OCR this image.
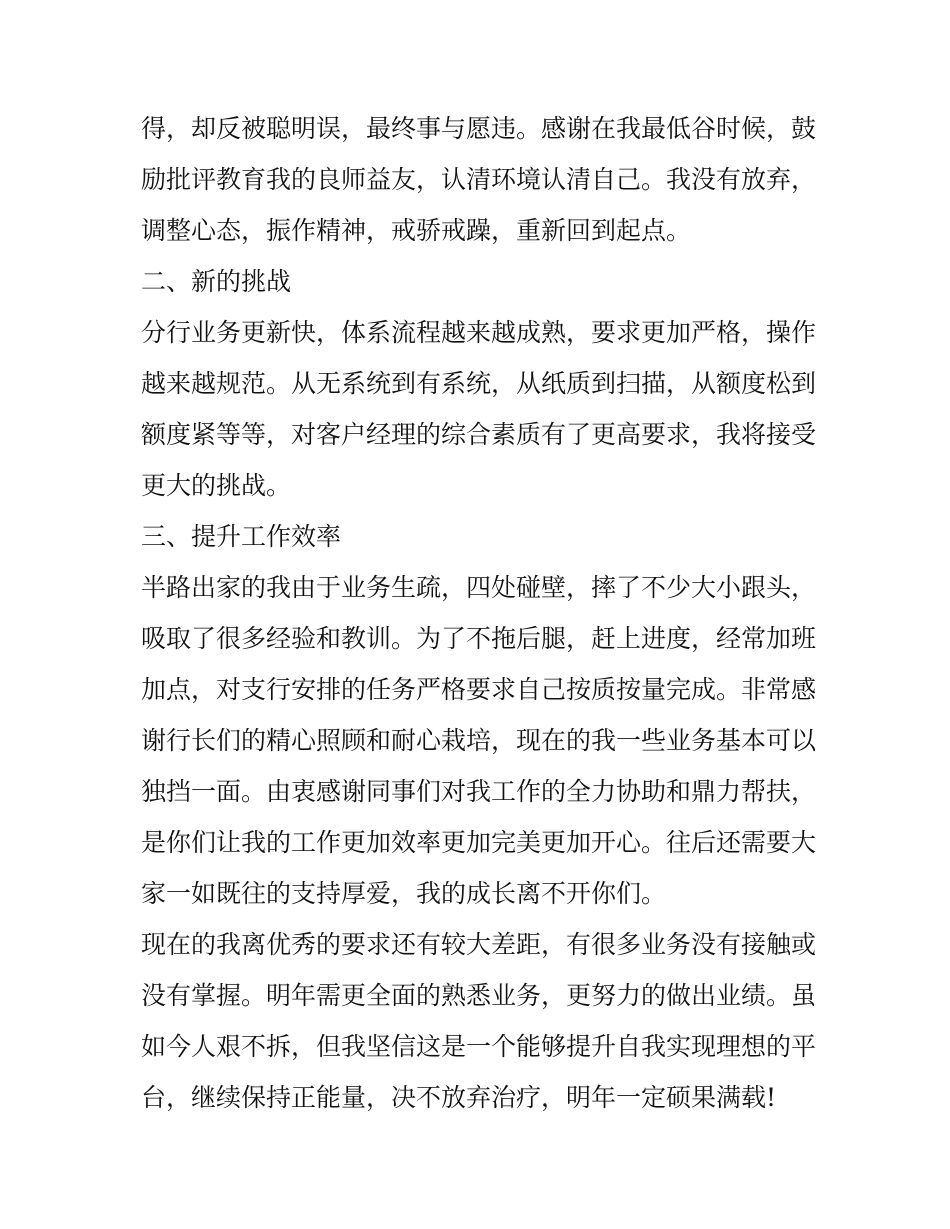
得，却反被聪明误，最终事与愿违。感谢在我最低谷时候，鼓
励批评教育我的良师益友，认清环境认清自己。我没有放弃，
调整心态，振作精神，戒骄戒躁，重新回到起点。
二、新的挑战
分行业务更新快，体系流程越来越成熟，要求更加严格，操作
越来越规范。从无系统到有系统，从纸质到扫描，从额度松到
额度紧等等，对客户经理的综合素质有了更高要求，我将接受
更大的挑战。
三、提升工作效率
半路出家的我由于业务生疏，四处碰壁，摔了不少大小跟头，
吸取了很多经验和教训。为了不拖后腿，赶上进度，经常加班
加点，对支行安排的任务严格要求自己按质按量完成。非常感
谢行长们的精心照顾和耐心栽培，现在的我一些业务基本可以
独挡一面。由衷感谢同事们对我工作的全力协助和鼎力帮扶，
是你们让我的工作更加效率更加完美更加开心。往后还需要大
家一如既往的支持厚爱，我的成长离不开你们。
现在的我离优秀的要求还有较大差距，有很多业务没有接触或
没有掌握。明年需更全面的熟悉业务，更努力的做出业绩。虽
如今人艰不拆，但我坚信这是一个能够提升自我实现理想的平
台，继续保持正能量，决不放弃治疗，明年一定硕果满载!
